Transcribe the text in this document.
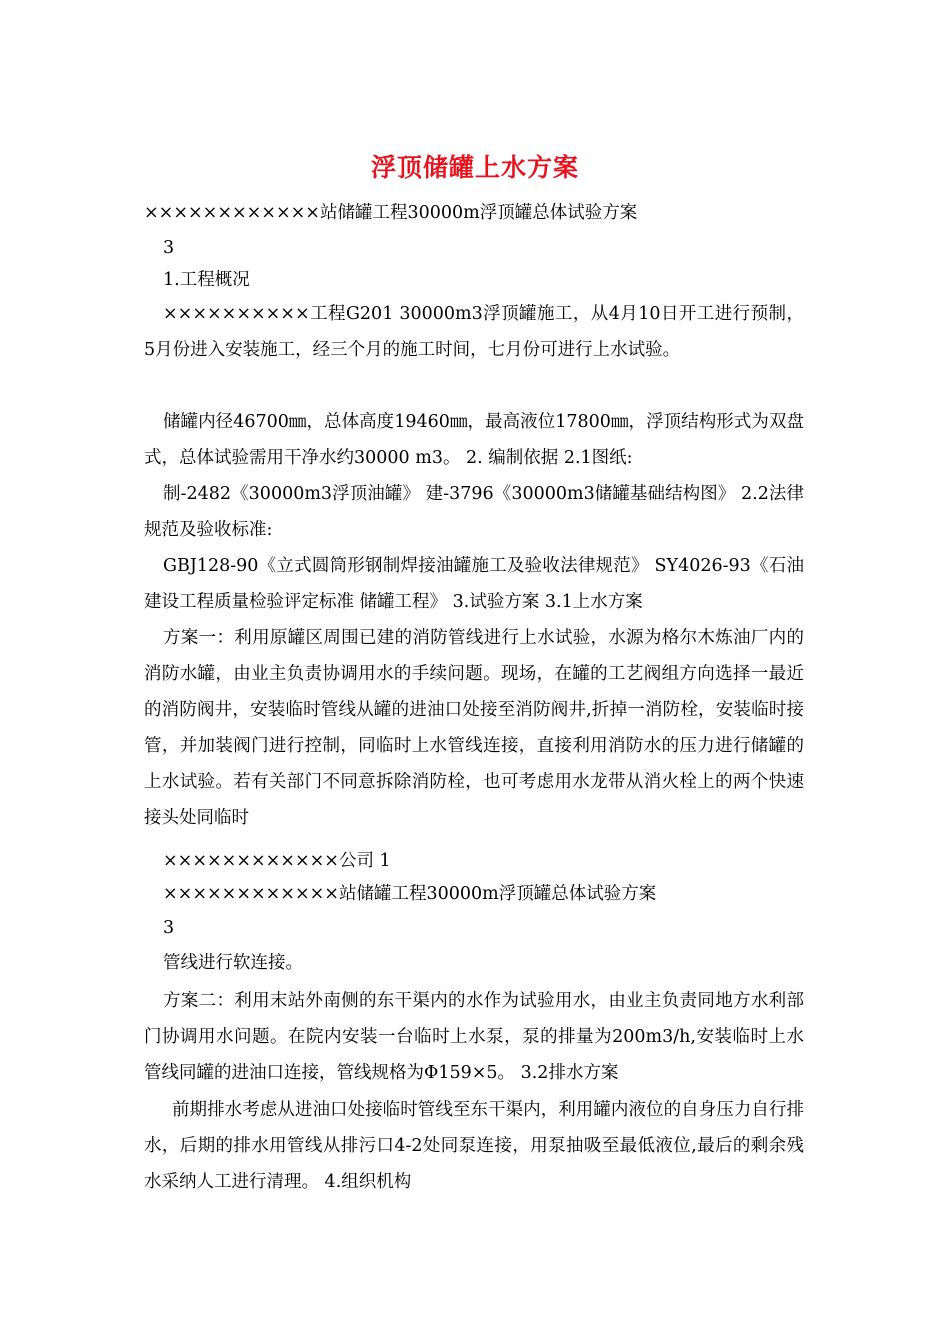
浮顶储罐上水方案
××××××××××××站储罐工程30000m浮顶罐总体试验方案
3
1.工程概况
××××××××××工程G201 30000m3浮顶罐施工，从4月10日开工进行预制，5月份进入安装施工，经三个月的施工时间，七月份可进行上水试验。
储罐内径46700㎜，总体高度19460㎜，最高液位17800㎜，浮顶结构形式为双盘式，总体试验需用干净水约30000 m3。 2. 编制依据 2.1图纸:
制-2482《30000m3浮顶油罐》 建-3796《30000m3储罐基础结构图》 2.2法律规范及验收标准:
GBJ128-90《立式圆筒形钢制焊接油罐施工及验收法律规范》 SY4026-93《石油建设工程质量检验评定标准 储罐工程》 3.试验方案 3.1上水方案
方案一：利用原罐区周围已建的消防管线进行上水试验，水源为格尔木炼油厂内的消防水罐，由业主负责协调用水的手续问题。现场，在罐的工艺阀组方向选择一最近的消防阀井，安装临时管线从罐的进油口处接至消防阀井,折掉一消防栓，安装临时接管，并加装阀门进行控制，同临时上水管线连接，直接利用消防水的压力进行储罐的上水试验。若有关部门不同意拆除消防栓，也可考虑用水龙带从消火栓上的两个快速接头处同临时
××××××××××××公司 1
××××××××××××站储罐工程30000m浮顶罐总体试验方案
3
管线进行软连接。
方案二：利用末站外南侧的东干渠内的水作为试验用水，由业主负责同地方水利部门协调用水问题。在院内安装一台临时上水泵，泵的排量为200m3/h,安装临时上水管线同罐的进油口连接，管线规格为Φ159×5。 3.2排水方案
前期排水考虑从进油口处接临时管线至东干渠内，利用罐内液位的自身压力自行排水，后期的排水用管线从排污口4-2处同泵连接，用泵抽吸至最低液位,最后的剩余残水采纳人工进行清理。 4.组织机构
